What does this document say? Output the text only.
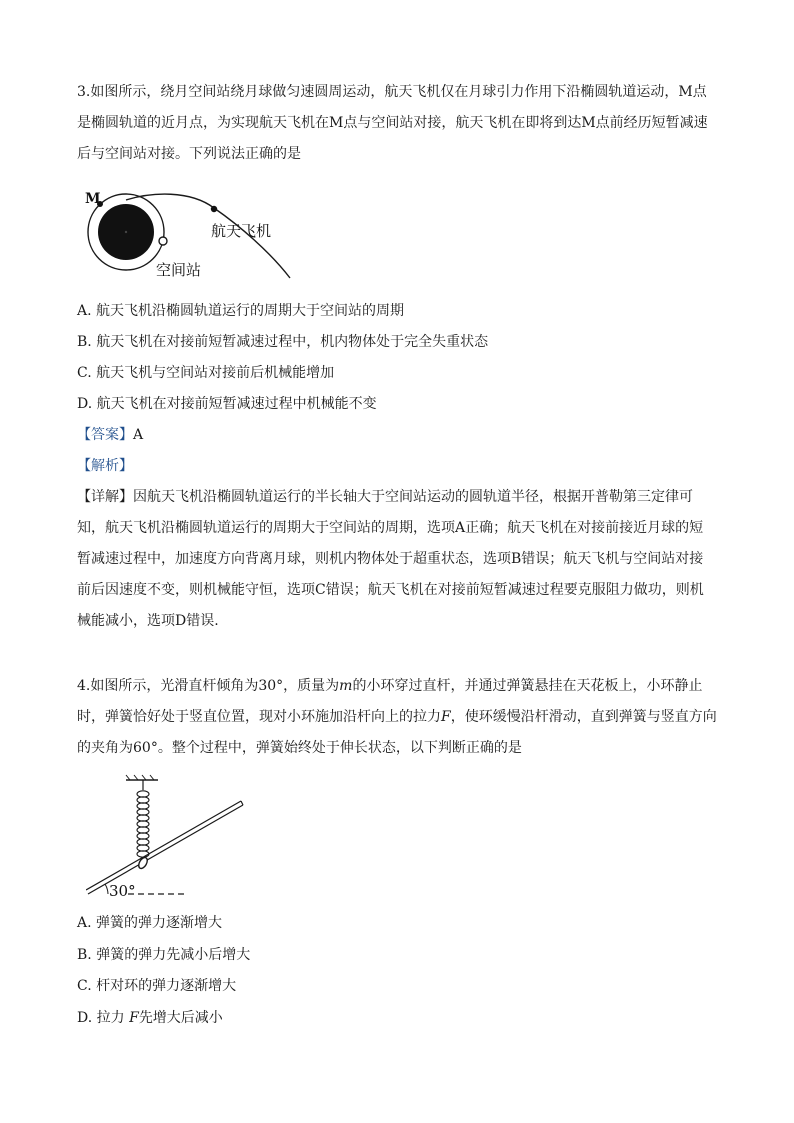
3.如图所示，绕月空间站绕月球做匀速圆周运动，航天飞机仅在月球引力作用下沿椭圆轨道运动，M点是椭圆轨道的近月点，为实现航天飞机在M点与空间站对接，航天飞机在即将到达M点前经历短暂减速后与空间站对接。下列说法正确的是

M
航天飞机
空间站
A. 航天飞机沿椭圆轨道运行的周期大于空间站的周期
B. 航天飞机在对接前短暂减速过程中，机内物体处于完全失重状态
C. 航天飞机与空间站对接前后机械能增加
D. 航天飞机在对接前短暂减速过程中机械能不变
【答案】A
【解析】

【详解】因航天飞机沿椭圆轨道运行的半长轴大于空间站运动的圆轨道半径，根据开普勒第三定律可知，航天飞机沿椭圆轨道运行的周期大于空间站的周期，选项A正确；航天飞机在对接前接近月球的短暂减速过程中，加速度方向背离月球，则机内物体处于超重状态，选项B错误；航天飞机与空间站对接前后因速度不变，则机械能守恒，选项C错误；航天飞机在对接前短暂减速过程要克服阻力做功，则机械能减小，选项D错误.

4.如图所示，光滑直杆倾角为30°，质量为m的小环穿过直杆，并通过弹簧悬挂在天花板上，小环静止时，弹簧恰好处于竖直位置，现对小环施加沿杆向上的拉力F，使环缓慢沿杆滑动，直到弹簧与竖直方向的夹角为60°。整个过程中，弹簧始终处于伸长状态，以下判断正确的是

30°
A. 弹簧的弹力逐渐增大
B. 弹簧的弹力先减小后增大
C. 杆对环的弹力逐渐增大
D. 拉力 F先增大后减小
